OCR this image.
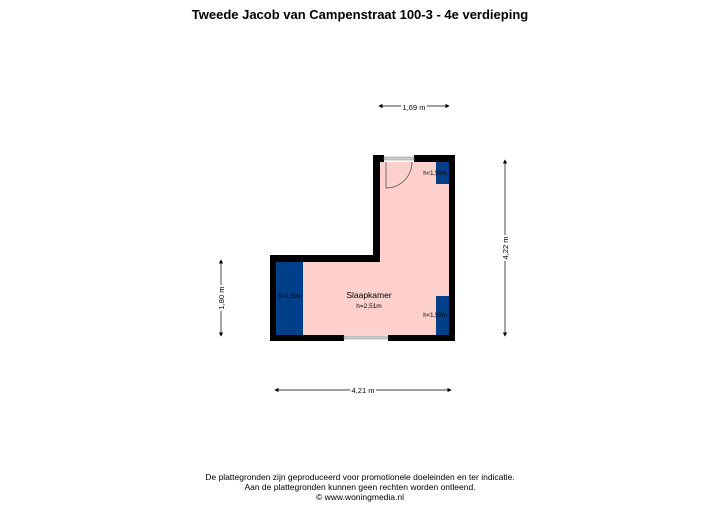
Tweede Jacob van Campenstraat 100-3 - 4e verdieping
Slaapkamer
h=2,51m
h<1,50m
h<1,50m
h<1,50m
1,69 m
4,22 m
1,80 m
4,21 m
De plattegronden zijn geproduceerd voor promotionele doeleinden en ter indicatie.
Aan de plattegronden kunnen geen rechten worden ontleend.
© www.woningmedia.nl
